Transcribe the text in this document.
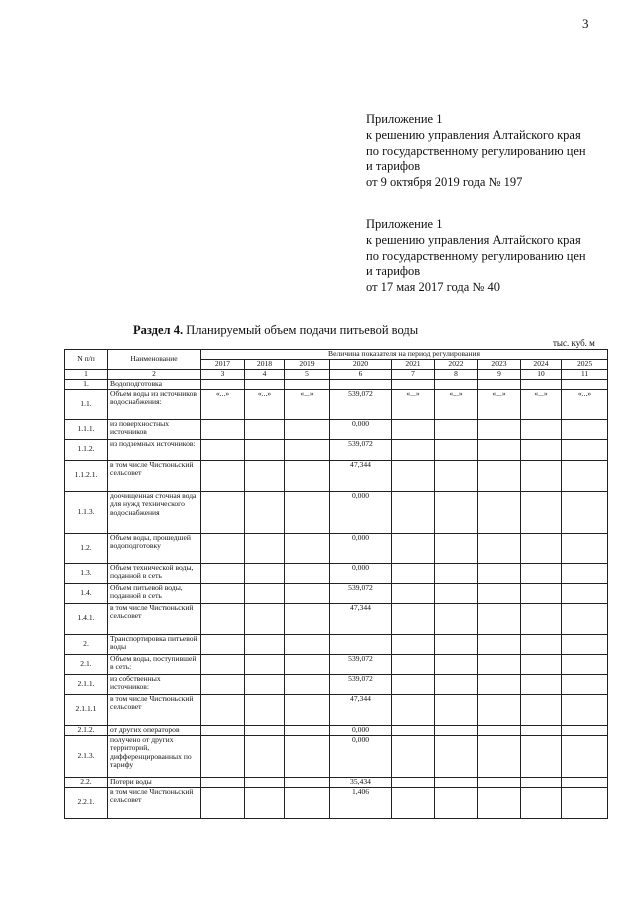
3
Приложение 1
к решению управления Алтайского края
по государственному регулированию цен
и тарифов
от 9 октября 2019 года № 197
Приложение 1
к решению управления Алтайского края
по государственному регулированию цен
и тарифов
от 17 мая 2017 года № 40
Раздел 4. Планируемый объем подачи питьевой воды
тыс. куб. м
N п/п	Наименование	Величина показателя на период регулирования								
		2017	2018	2019	2020	2021	2022	2023	2024	2025
1	2	3	4	5	6	7	8	9	10	11
1.	Водоподготовка									
1.1.	Объем воды из источников водоснабжения:	«...»	«...»	«...»	539,072	«...»	«...»	«...»	«...»	«...»
1.1.1.	из поверхностных источников				0,000					
1.1.2.	из подземных источников:				539,072					
1.1.2.1.	в том числе Чистюньский сельсовет				47,344					
1.1.3.	доочищенная сточная вода для нужд технического водоснабжения				0,000					
1.2.	Объем воды, прошедшей водоподготовку				0,000					
1.3.	Объем технической воды, поданной в сеть				0,000					
1.4.	Объем питьевой воды, поданной в сеть				539,072					
1.4.1.	в том числе Чистюньский сельсовет				47,344					
2.	Транспортировка питьевой воды									
2.1.	Объем воды, поступившей в сеть:				539,072					
2.1.1.	из собственных источников:				539,072					
2.1.1.1	в том числе Чистюньский сельсовет				47,344					
2.1.2.	от других операторов				0,000					
2.1.3.	получено от других территорий, дифференцированных по тарифу				0,000					
2.2.	Потери воды				35,434					
2.2.1.	в том числе Чистюньский сельсовет				1,406					
